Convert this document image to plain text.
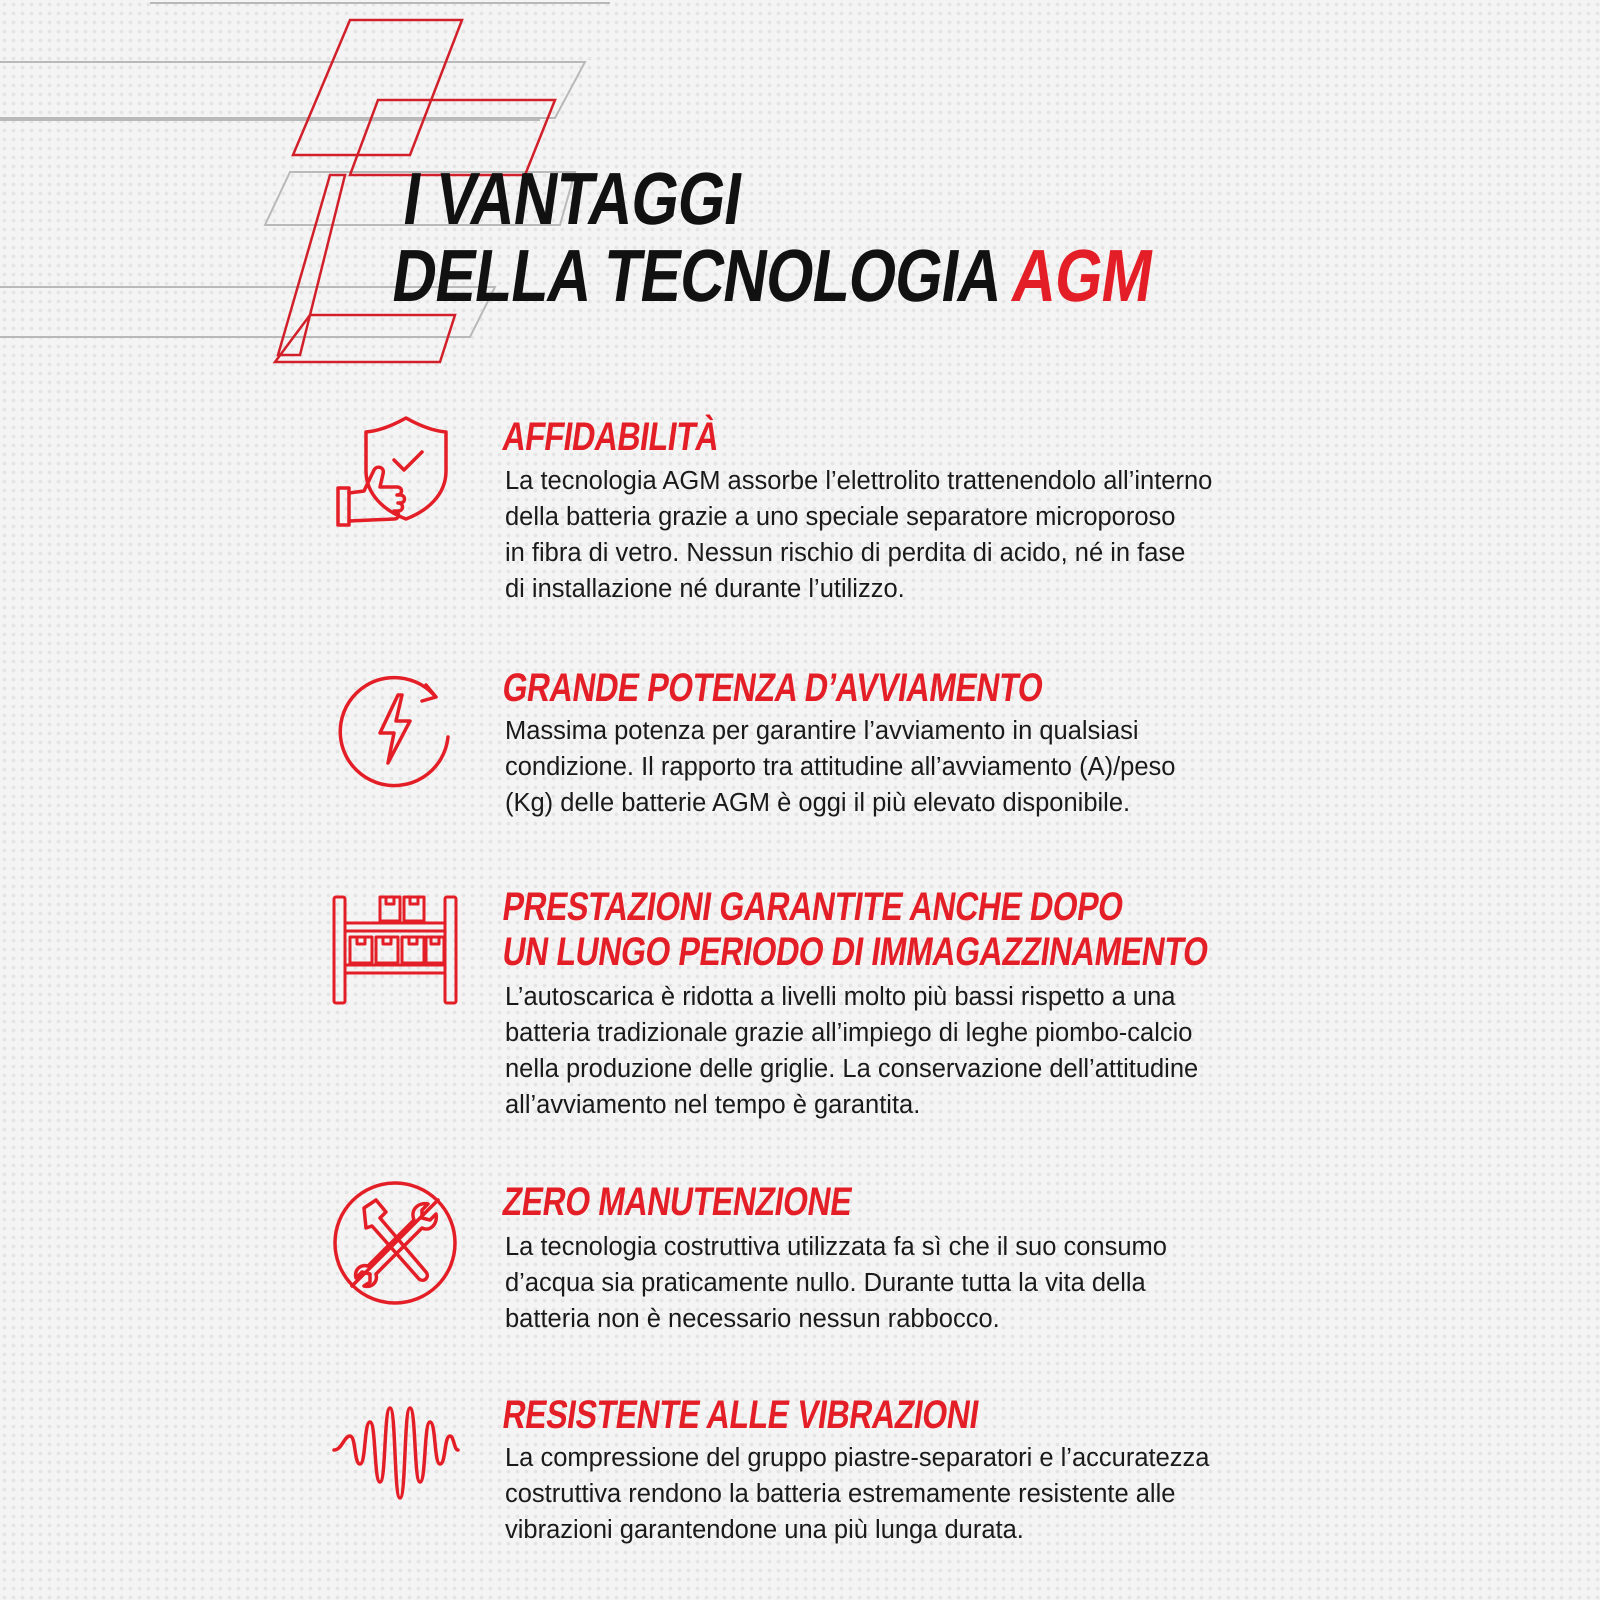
I VANTAGGI
DELLA TECNOLOGIA AGM
AFFIDABILITÀ

La tecnologia AGM assorbe l’elettrolito trattenendolo all’interno
della batteria grazie a uno speciale separatore microporoso
in fibra di vetro. Nessun rischio di perdita di acido, né in fase
di installazione né durante l’utilizzo.

GRANDE POTENZA D’AVVIAMENTO

Massima potenza per garantire l’avviamento in qualsiasi
condizione. Il rapporto tra attitudine all’avviamento (A)/peso
(Kg) delle batterie AGM è oggi il più elevato disponibile.

PRESTAZIONI GARANTITE ANCHE DOPO
UN LUNGO PERIODO DI IMMAGAZZINAMENTO

L’autoscarica è ridotta a livelli molto più bassi rispetto a una
batteria tradizionale grazie all’impiego di leghe piombo-calcio
nella produzione delle griglie. La conservazione dell’attitudine
all’avviamento nel tempo è garantita.

ZERO MANUTENZIONE

La tecnologia costruttiva utilizzata fa sì che il suo consumo
d’acqua sia praticamente nullo. Durante tutta la vita della
batteria non è necessario nessun rabbocco.

RESISTENTE ALLE VIBRAZIONI

La compressione del gruppo piastre-separatori e l’accuratezza
costruttiva rendono la batteria estremamente resistente alle
vibrazioni garantendone una più lunga durata.
